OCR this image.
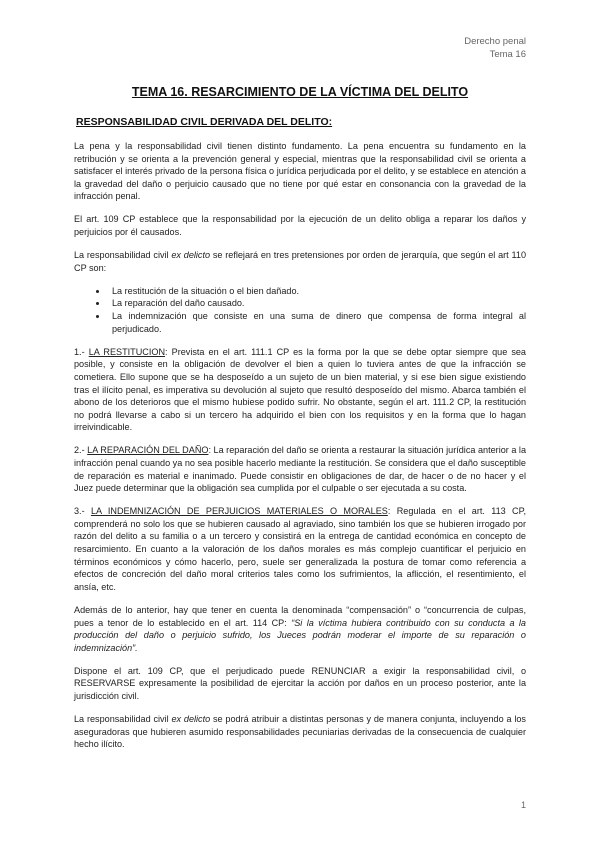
Derecho penal
Tema 16
TEMA 16. RESARCIMIENTO DE LA VÍCTIMA DEL DELITO
RESPONSABILIDAD CIVIL DERIVADA DEL DELITO:

La pena y la responsabilidad civil tienen distinto fundamento. La pena encuentra su fundamento en la retribución y se orienta a la prevención general y especial, mientras que la responsabilidad civil se orienta a satisfacer el interés privado de la persona física o jurídica perjudicada por el delito, y se establece en atención a la gravedad del daño o perjuicio causado que no tiene por qué estar en consonancia con la gravedad de la infracción penal.

El art. 109 CP establece que la responsabilidad por la ejecución de un delito obliga a reparar los daños y perjuicios por él causados.

La responsabilidad civil ex delicto se reflejará en tres pretensiones por orden de jerarquía, que según el art 110 CP son:

• La restitución de la situación o el bien dañado.
• La reparación del daño causado.
• La indemnización que consiste en una suma de dinero que compensa de forma integral al perjudicado.

1.- LA RESTITUCION: Prevista en el art. 111.1 CP es la forma por la que se debe optar siempre que sea posible, y consiste en la obligación de devolver el bien a quien lo tuviera antes de que la infracción se cometiera. Ello supone que se ha desposeído a un sujeto de un bien material, y si ese bien sigue existiendo tras el ilícito penal, es imperativa su devolución al sujeto que resultó desposeído del mismo. Abarca también el abono de los deterioros que el mismo hubiese podido sufrir. No obstante, según el art. 111.2 CP, la restitución no podrá llevarse a cabo si un tercero ha adquirido el bien con los requisitos y en la forma que lo hagan irreivindicable.

2.- LA REPARACIÓN DEL DAÑO: La reparación del daño se orienta a restaurar la situación jurídica anterior a la infracción penal cuando ya no sea posible hacerlo mediante la restitución. Se considera que el daño susceptible de reparación es material e inanimado. Puede consistir en obligaciones de dar, de hacer o de no hacer y el Juez puede determinar que la obligación sea cumplida por el culpable o ser ejecutada a su costa.

3.- LA INDEMNIZACIÓN DE PERJUICIOS MATERIALES O MORALES: Regulada en el art. 113 CP, comprenderá no solo los que se hubieren causado al agraviado, sino también los que se hubieren irrogado por razón del delito a su familia o a un tercero y consistirá en la entrega de cantidad económica en concepto de resarcimiento. En cuanto a la valoración de los daños morales es más complejo cuantificar el perjuicio en términos económicos y cómo hacerlo, pero, suele ser generalizada la postura de tomar como referencia a efectos de concreción del daño moral criterios tales como los sufrimientos, la aflicción, el resentimiento, el ansía, etc.

Además de lo anterior, hay que tener en cuenta la denominada “compensación” o “concurrencia de culpas, pues a tenor de lo establecido en el art. 114 CP: “Si la víctima hubiera contribuido con su conducta a la producción del daño o perjuicio sufrido, los Jueces podrán moderar el importe de su reparación o indemnización”.

Dispone el art. 109 CP, que el perjudicado puede RENUNCIAR a exigir la responsabilidad civil, o RESERVARSE expresamente la posibilidad de ejercitar la acción por daños en un proceso posterior, ante la jurisdicción civil.

La responsabilidad civil ex delicto se podrá atribuir a distintas personas y de manera conjunta, incluyendo a los aseguradoras que hubieren asumido responsabilidades pecuniarias derivadas de la consecuencia de cualquier hecho ilícito.

1
